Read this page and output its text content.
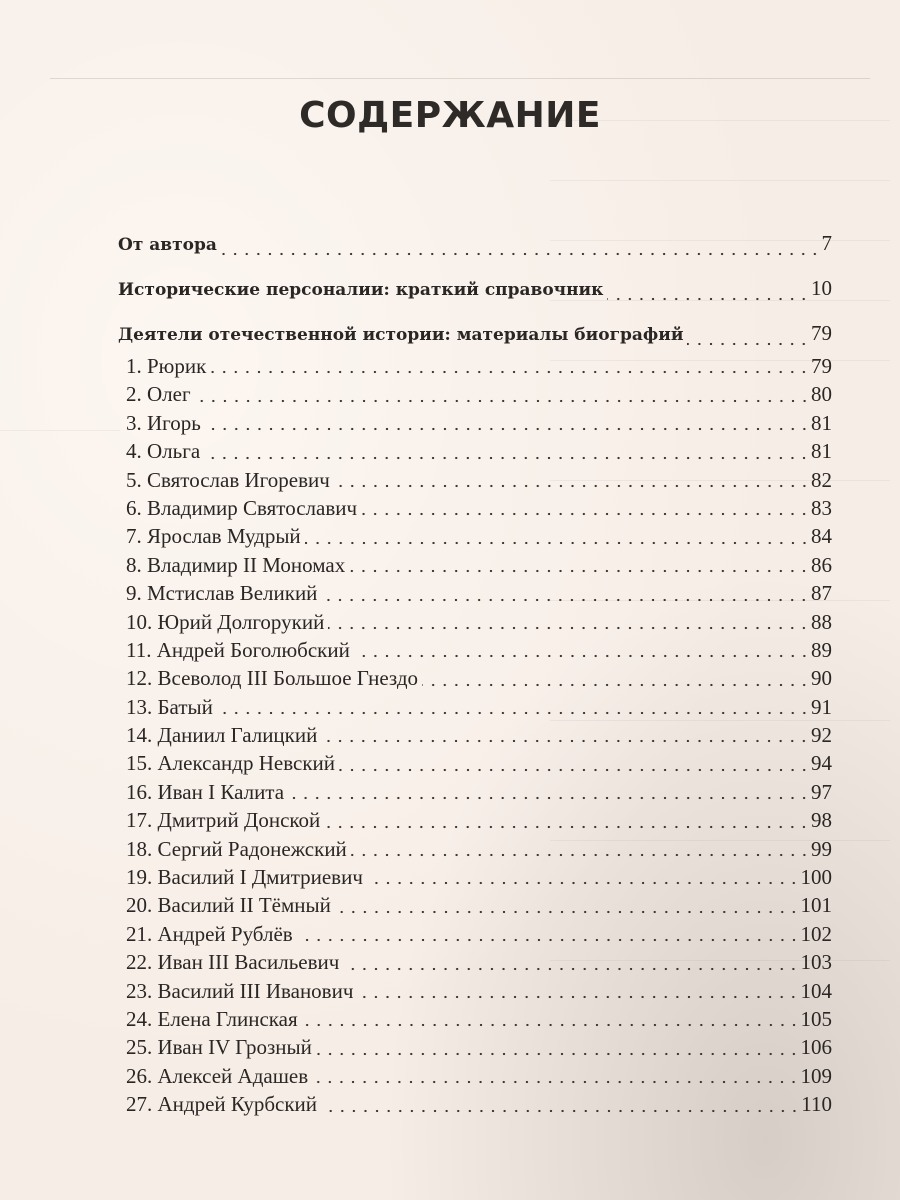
СОДЕРЖАНИЕ
От автора	7
Исторические персоналии: краткий справочник	10
Деятели отечественной истории: материалы биографий	79
1. Рюрик	79
2. Олег	80
3. Игорь	81
4. Ольга	81
5. Святослав Игоревич	82
6. Владимир Святославич	83
7. Ярослав Мудрый	84
8. Владимир II Мономах	86
9. Мстислав Великий	87
10. Юрий Долгорукий	88
11. Андрей Боголюбский	89
12. Всеволод III Большое Гнездо	90
13. Батый	91
14. Даниил Галицкий	92
15. Александр Невский	94
16. Иван I Калита	97
17. Дмитрий Донской	98
18. Сергий Радонежский	99
19. Василий I Дмитриевич	100
20. Василий II Тёмный	101
21. Андрей Рублёв	102
22. Иван III Васильевич	103
23. Василий III Иванович	104
24. Елена Глинская	105
25. Иван IV Грозный	106
26. Алексей Адашев	109
27. Андрей Курбский	110
